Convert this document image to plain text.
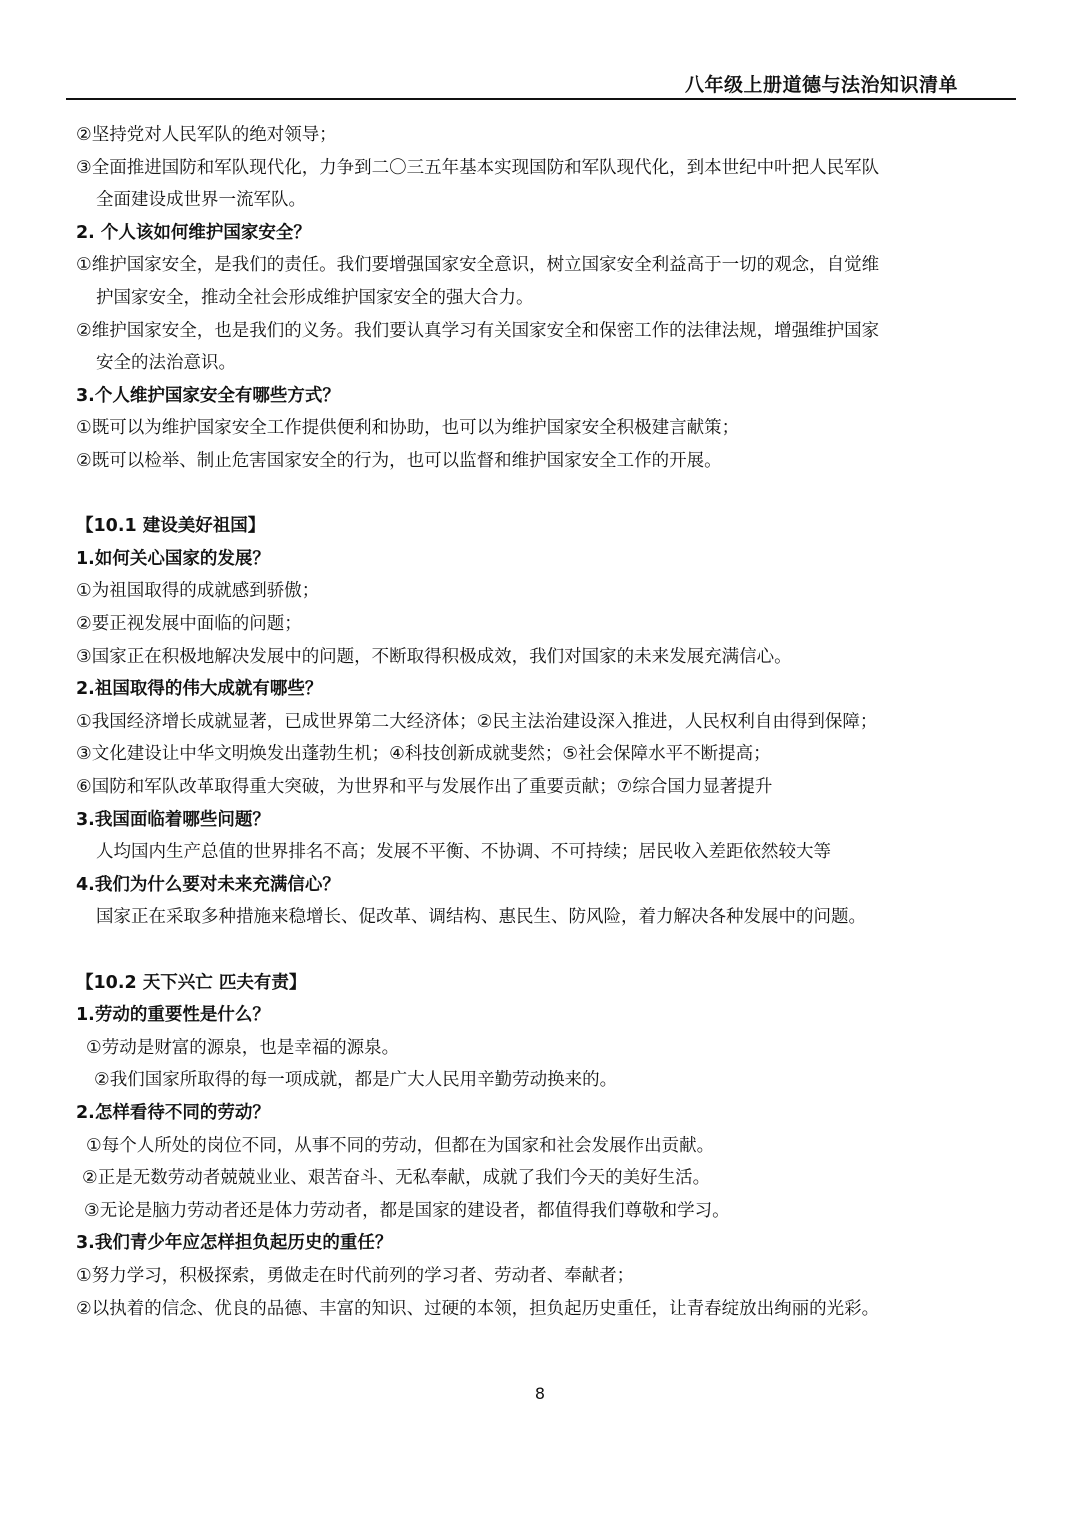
八年级上册道德与法治知识清单
②坚持党对人民军队的绝对领导；
③全面推进国防和军队现代化，力争到二〇三五年基本实现国防和军队现代化，到本世纪中叶把人民军队
全面建设成世界一流军队。
2. 个人该如何维护国家安全？
①维护国家安全，是我们的责任。我们要增强国家安全意识，树立国家安全利益高于一切的观念，自觉维
护国家安全，推动全社会形成维护国家安全的强大合力。
②维护国家安全，也是我们的义务。我们要认真学习有关国家安全和保密工作的法律法规，增强维护国家
安全的法治意识。
3.个人维护国家安全有哪些方式？
①既可以为维护国家安全工作提供便利和协助，也可以为维护国家安全积极建言献策；
②既可以检举、制止危害国家安全的行为，也可以监督和维护国家安全工作的开展。
【10.1 建设美好祖国】
1.如何关心国家的发展？
①为祖国取得的成就感到骄傲；
②要正视发展中面临的问题；
③国家正在积极地解决发展中的问题，不断取得积极成效，我们对国家的未来发展充满信心。
2.祖国取得的伟大成就有哪些？
①我国经济增长成就显著，已成世界第二大经济体；②民主法治建设深入推进，人民权利自由得到保障；
③文化建设让中华文明焕发出蓬勃生机；④科技创新成就斐然；⑤社会保障水平不断提高；
⑥国防和军队改革取得重大突破，为世界和平与发展作出了重要贡献；⑦综合国力显著提升
3.我国面临着哪些问题？
人均国内生产总值的世界排名不高；发展不平衡、不协调、不可持续；居民收入差距依然较大等
4.我们为什么要对未来充满信心？
国家正在采取多种措施来稳增长、促改革、调结构、惠民生、防风险，着力解决各种发展中的问题。
【10.2 天下兴亡 匹夫有责】
1.劳动的重要性是什么？
①劳动是财富的源泉，也是幸福的源泉。
②我们国家所取得的每一项成就，都是广大人民用辛勤劳动换来的。
2.怎样看待不同的劳动？
①每个人所处的岗位不同，从事不同的劳动，但都在为国家和社会发展作出贡献。
②正是无数劳动者兢兢业业、艰苦奋斗、无私奉献，成就了我们今天的美好生活。
③无论是脑力劳动者还是体力劳动者，都是国家的建设者，都值得我们尊敬和学习。
3.我们青少年应怎样担负起历史的重任？
①努力学习，积极探索，勇做走在时代前列的学习者、劳动者、奉献者；
②以执着的信念、优良的品德、丰富的知识、过硬的本领，担负起历史重任，让青春绽放出绚丽的光彩。
8
